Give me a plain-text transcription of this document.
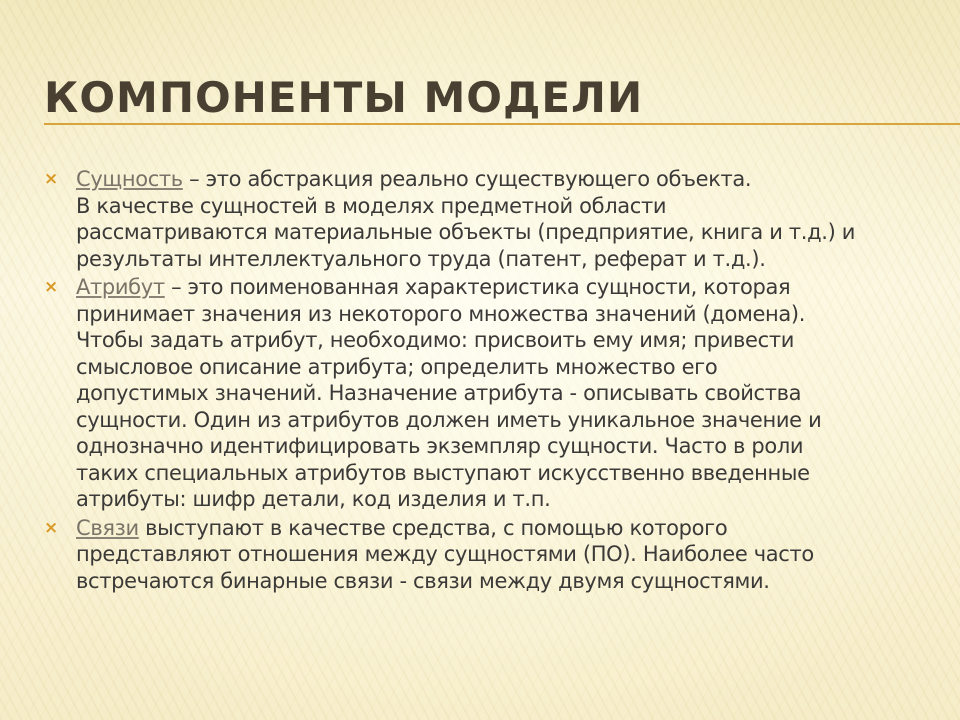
КОМПОНЕНТЫ МОДЕЛИ
× Сущность – это абстракция реально существующего объекта.
В качестве сущностей в моделях предметной области
рассматриваются материальные объекты (предприятие, книга и т.д.) и
результаты интеллектуального труда (патент, реферат и т.д.).
× Атрибут – это поименованная характеристика сущности, которая
принимает значения из некоторого множества значений (домена).
Чтобы задать атрибут, необходимо: присвоить ему имя; привести
смысловое описание атрибута; определить множество его
допустимых значений. Назначение атрибута - описывать свойства
сущности. Один из атрибутов должен иметь уникальное значение и
однозначно идентифицировать экземпляр сущности. Часто в роли
таких специальных атрибутов выступают искусственно введенные
атрибуты: шифр детали, код изделия и т.п.
× Связи выступают в качестве средства, с помощью которого
представляют отношения между сущностями (ПО). Наиболее часто
встречаются бинарные связи - связи между двумя сущностями.
